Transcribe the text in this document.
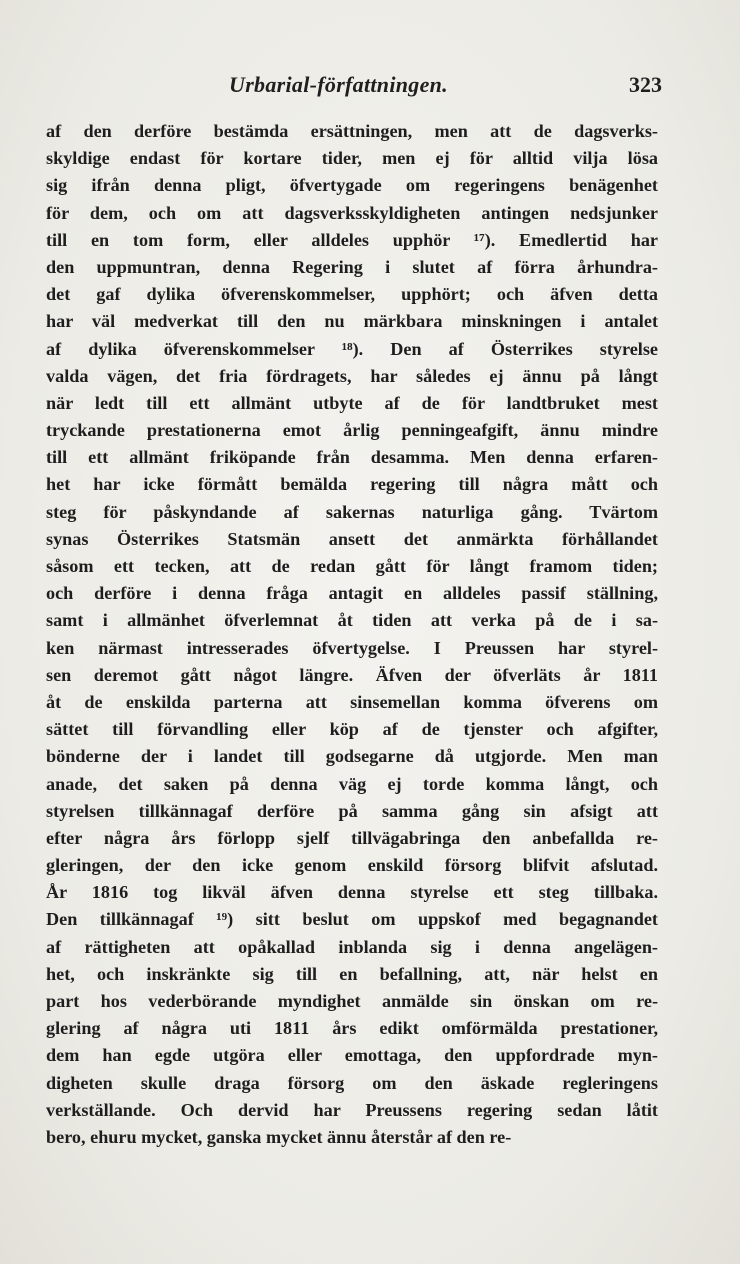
Urbarial-författningen.	323
af den derföre bestämda ersättningen, men att de dagsverks-
skyldige endast för kortare tider, men ej för alltid vilja lösa
sig ifrån denna pligt, öfvertygade om regeringens benägenhet
för dem, och om att dagsverksskyldigheten antingen nedsjunker
till en tom form, eller alldeles upphör ¹⁷). Emedlertid har
den uppmuntran, denna Regering i slutet af förra århundra-
det gaf dylika öfverenskommelser, upphört; och äfven detta
har väl medverkat till den nu märkbara minskningen i antalet
af dylika öfverenskommelser ¹⁸). Den af Österrikes styrelse
valda vägen, det fria fördragets, har således ej ännu på långt
när ledt till ett allmänt utbyte af de för landtbruket mest
tryckande prestationerna emot årlig penningeafgift, ännu mindre
till ett allmänt friköpande från desamma. Men denna erfaren-
het har icke förmått bemälda regering till några mått och
steg för påskyndande af sakernas naturliga gång. Tvärtom
synas Österrikes Statsmän ansett det anmärkta förhållandet
såsom ett tecken, att de redan gått för långt framom tiden;
och derföre i denna fråga antagit en alldeles passif ställning,
samt i allmänhet öfverlemnat åt tiden att verka på de i sa-
ken närmast intresserades öfvertygelse. I Preussen har styrel-
sen deremot gått något längre. Äfven der öfverläts år 1811
åt de enskilda parterna att sinsemellan komma öfverens om
sättet till förvandling eller köp af de tjenster och afgifter,
bönderne der i landet till godsegarne då utgjorde. Men man
anade, det saken på denna väg ej torde komma långt, och
styrelsen tillkännagaf derföre på samma gång sin afsigt att
efter några års förlopp sjelf tillvägabringa den anbefallda re-
gleringen, der den icke genom enskild försorg blifvit afslutad.
År 1816 tog likväl äfven denna styrelse ett steg tillbaka.
Den tillkännagaf ¹⁹) sitt beslut om uppskof med begagnandet
af rättigheten att opåkallad inblanda sig i denna angelägen-
het, och inskränkte sig till en befallning, att, när helst en
part hos vederbörande myndighet anmälde sin önskan om re-
glering af några uti 1811 års edikt omförmälda prestationer,
dem han egde utgöra eller emottaga, den uppfordrade myn-
digheten skulle draga försorg om den äskade regleringens
verkställande. Och dervid har Preussens regering sedan låtit
bero, ehuru mycket, ganska mycket ännu återstår af den re-
